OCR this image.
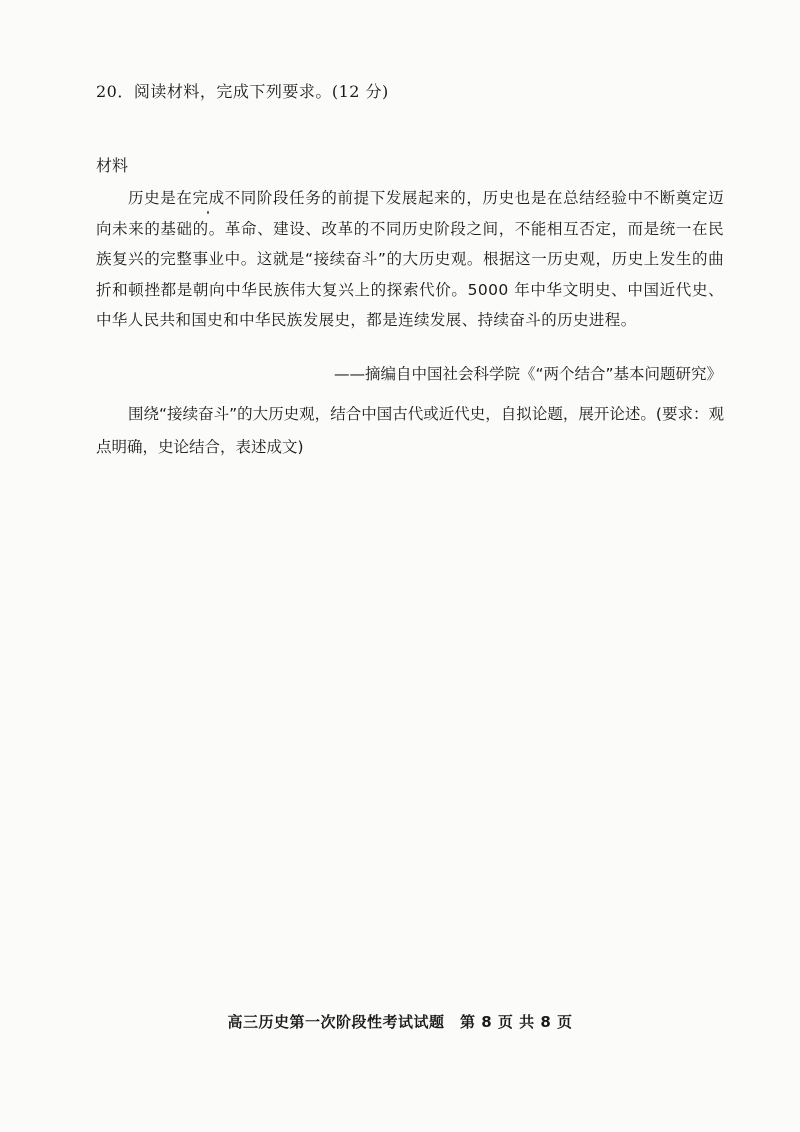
20．阅读材料，完成下列要求。(12 分)
材料
历史是在完成不同阶段任务的前提下发展起来的，历史也是在总结经验中不断奠定迈向未来的基础的。革命、建设、改革的不同历史阶段之间，不能相互否定，而是统一在民族复兴的完整事业中。这就是“接续奋斗”的大历史观。根据这一历史观，历史上发生的曲折和顿挫都是朝向中华民族伟大复兴上的探索代价。5000 年中华文明史、中国近代史、中华人民共和国史和中华民族发展史，都是连续发展、持续奋斗的历史进程。
——摘编自中国社会科学院《“两个结合”基本问题研究》
围绕“接续奋斗”的大历史观，结合中国古代或近代史，自拟论题，展开论述。(要求：观点明确，史论结合，表述成文)
高三历史第一次阶段性考试试题　第 8 页 共 8 页
